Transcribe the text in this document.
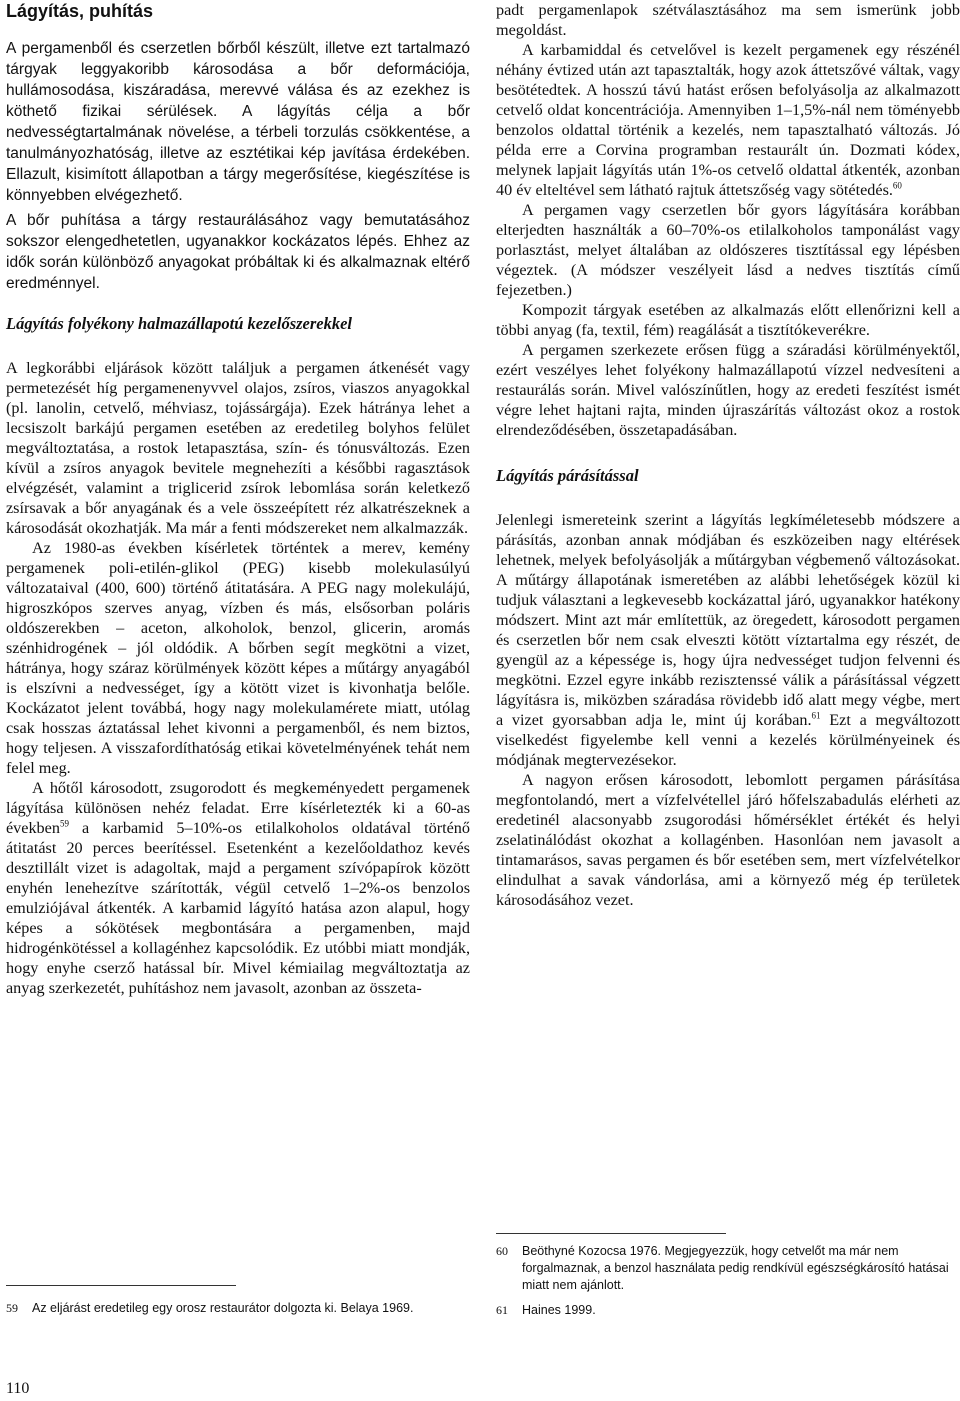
Lágyítás, puhítás

A pergamenből és cserzetlen bőrből készült, illetve ezt tartalmazó tárgyak leggyakoribb károsodása a bőr deformációja, hullámosodása, kiszáradása, merevvé válása és az ezekhez is köthető fizikai sérülések. A lágyítás célja a bőr nedvességtartalmának növelése, a térbeli torzulás csökkentése, a tanulmányozhatóság, illetve az esztétikai kép javítása érdekében. Ellazult, kisimított állapotban a tárgy megerősítése, kiegészítése is könnyebben elvégezhető.

A bőr puhítása a tárgy restaurálásához vagy bemutatásához sokszor elengedhetetlen, ugyanakkor kockázatos lépés. Ehhez az idők során különböző anyagokat próbáltak ki és alkalmaznak eltérő eredménnyel.

Lágyítás folyékony halmazállapotú kezelőszerekkel

A legkorábbi eljárások között találjuk a pergamen átkenését vagy permetezését híg pergamenenyvvel olajos, zsíros, viaszos anyagokkal (pl. lanolin, cetvelő, méhviasz, tojássárgája). Ezek hátránya lehet a lecsiszolt barkájú pergamen esetében az eredetileg bolyhos felület megváltoztatása, a rostok letapasztása, szín- és tónusváltozás. Ezen kívül a zsíros anyagok bevitele megnehezíti a későbbi ragasztások elvégzését, valamint a triglicerid zsírok lebomlása során keletkező zsírsavak a bőr anyagának és a vele összeépített réz alkatrészeknek a károsodását okozhatják. Ma már a fenti módszereket nem alkalmazzák.

Az 1980-as években kísérletek történtek a merev, kemény pergamenek poli-etilén-glikol (PEG) kisebb molekulasúlyú változataival (400, 600) történő átitatására. A PEG nagy molekulájú, higroszkópos szerves anyag, vízben és más, elsősorban poláris oldószerekben – aceton, alkoholok, benzol, glicerin, aromás szénhidrogének – jól oldódik. A bőrben segít megkötni a vizet, hátránya, hogy száraz körülmények között képes a műtárgy anyagából is elszívni a nedvességet, így a kötött vizet is kivonhatja belőle. Kockázatot jelent továbbá, hogy nagy molekulamérete miatt, utólag csak hosszas áztatással lehet kivonni a pergamenből, és nem biztos, hogy teljesen. A visszafordíthatóság etikai követelményének tehát nem felel meg.

A hőtől károsodott, zsugorodott és megkeményedett pergamenek lágyítása különösen nehéz feladat. Erre kísérletezték ki a 60-as években$^{59}$ a karbamid 5–10%-os etilalkoholos oldatával történő átitatást 20 perces beerítéssel. Esetenként a kezelőoldathoz kevés desztillált vizet is adagoltak, majd a pergament szívópapírok között enyhén lenehezítve szárították, végül cetvelő 1–2%-os benzolos emulziójával átkenték. A karbamid lágyító hatása azon alapul, hogy képes a sókötések megbontására a pergamenben, majd hidrogénkötéssel a kollagénhez kapcsolódik. Ez utóbbi miatt mondják, hogy enyhe cserző hatással bír. Mivel kémiailag megváltoztatja az anyag szerkezetét, puhításhoz nem javasolt, azonban az összeta-

59	Az eljárást eredetileg egy orosz restaurátor dolgozta ki. Belaya 1969.

padt pergamenlapok szétválasztásához ma sem ismerünk jobb megoldást.

A karbamiddal és cetvelővel is kezelt pergamenek egy részénél néhány évtized után azt tapasztalták, hogy azok áttetszővé váltak, vagy besötétedtek. A hosszú távú hatást erősen befolyásolja az alkalmazott cetvelő oldat koncentrációja. Amennyiben 1–1,5%-nál nem töményebb benzolos oldattal történik a kezelés, nem tapasztalható változás. Jó példa erre a Corvina programban restaurált ún. Dozmati kódex, melynek lapjait lágyítás után 1%-os cetvelő oldattal átkenték, azonban 40 év elteltével sem látható rajtuk áttetszőség vagy sötétedés.$^{60}$

A pergamen vagy cserzetlen bőr gyors lágyítására korábban elterjedten használták a 60–70%-os etilalkoholos tamponálást vagy porlasztást, melyet általában az oldószeres tisztítással egy lépésben végeztek. (A módszer veszélyeit lásd a nedves tisztítás című fejezetben.)

Kompozit tárgyak esetében az alkalmazás előtt ellenőrizni kell a többi anyag (fa, textil, fém) reagálását a tisztítókeverékre.

A pergamen szerkezete erősen függ a száradási körülményektől, ezért veszélyes lehet folyékony halmazállapotú vízzel nedvesíteni a restaurálás során. Mivel valószínűtlen, hogy az eredeti feszítést ismét végre lehet hajtani rajta, minden újraszárítás változást okoz a rostok elrendeződésében, összetapadásában.

Lágyítás párásítással

Jelenlegi ismereteink szerint a lágyítás legkíméletesebb módszere a párásítás, azonban annak módjában és eszközeiben nagy eltérések lehetnek, melyek befolyásolják a műtárgyban végbemenő változásokat. A műtárgy állapotának ismeretében az alábbi lehetőségek közül ki tudjuk választani a legkevesebb kockázattal járó, ugyanakkor hatékony módszert. Mint azt már említettük, az öregedett, károsodott pergamen és cserzetlen bőr nem csak elveszti kötött víztartalma egy részét, de gyengül az a képessége is, hogy újra nedvességet tudjon felvenni és megkötni. Ezzel egyre inkább rezisztenssé válik a párásítással végzett lágyításra is, miközben száradása rövidebb idő alatt megy végbe, mert a vizet gyorsabban adja le, mint új korában.$^{61}$ Ezt a megváltozott viselkedést figyelembe kell venni a kezelés körülményeinek és módjának megtervezésekor.

A nagyon erősen károsodott, lebomlott pergamen párásítása megfontolandó, mert a vízfelvétellel járó hőfelszabadulás elérheti az eredetinél alacsonyabb zsugorodási hőmérséklet értékét és helyi zselatinálódást okozhat a kollagénben. Hasonlóan nem javasolt a tintamarásos, savas pergamen és bőr esetében sem, mert vízfelvételkor elindulhat a savak vándorlása, ami a környező még ép területek károsodásához vezet.

60	Beöthyné Kozocsa 1976. Megjegyezzük, hogy cetvelőt ma már nem forgalmaznak, a benzol használata pedig rendkívül egészségkárosító hatásai miatt nem ajánlott.
61	Haines 1999.
110
